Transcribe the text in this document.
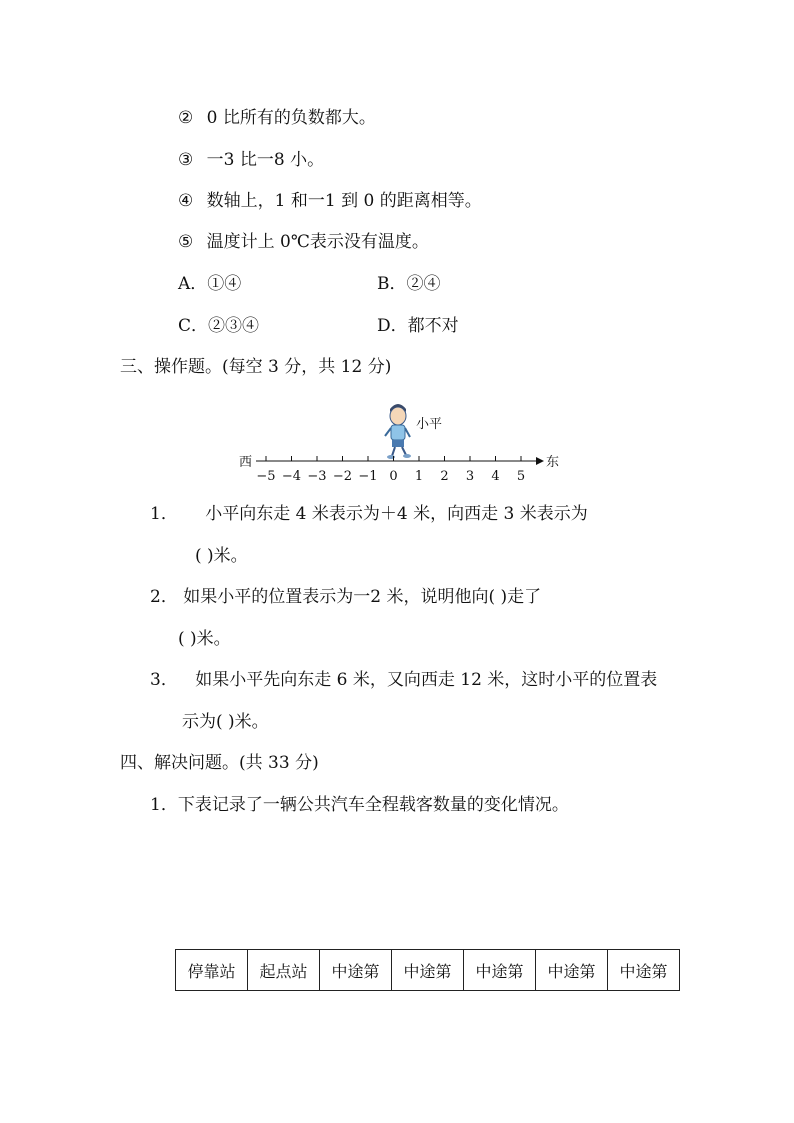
② 0 比所有的负数都大。
③ 一3 比一8 小。
④ 数轴上，1 和一1 到 0 的距离相等。
⑤ 温度计上 0℃表示没有温度。
A．①④	B．②④
C．②③④	D．都不对
三、操作题。(每空 3 分，共 12 分)
小平
西	东
−5 −4 −3 −2 −1 0 1 2 3 4 5
1． 小平向东走 4 米表示为＋4 米，向西走 3 米表示为
( )米。
2． 如果小平的位置表示为一2 米，说明他向( )走了
( )米。
3． 如果小平先向东走 6 米，又向西走 12 米，这时小平的位置表
示为( )米。
四、解决问题。(共 33 分)
1．下表记录了一辆公共汽车全程载客数量的变化情况。
停靠站	起点站	中途第	中途第	中途第	中途第	中途第
